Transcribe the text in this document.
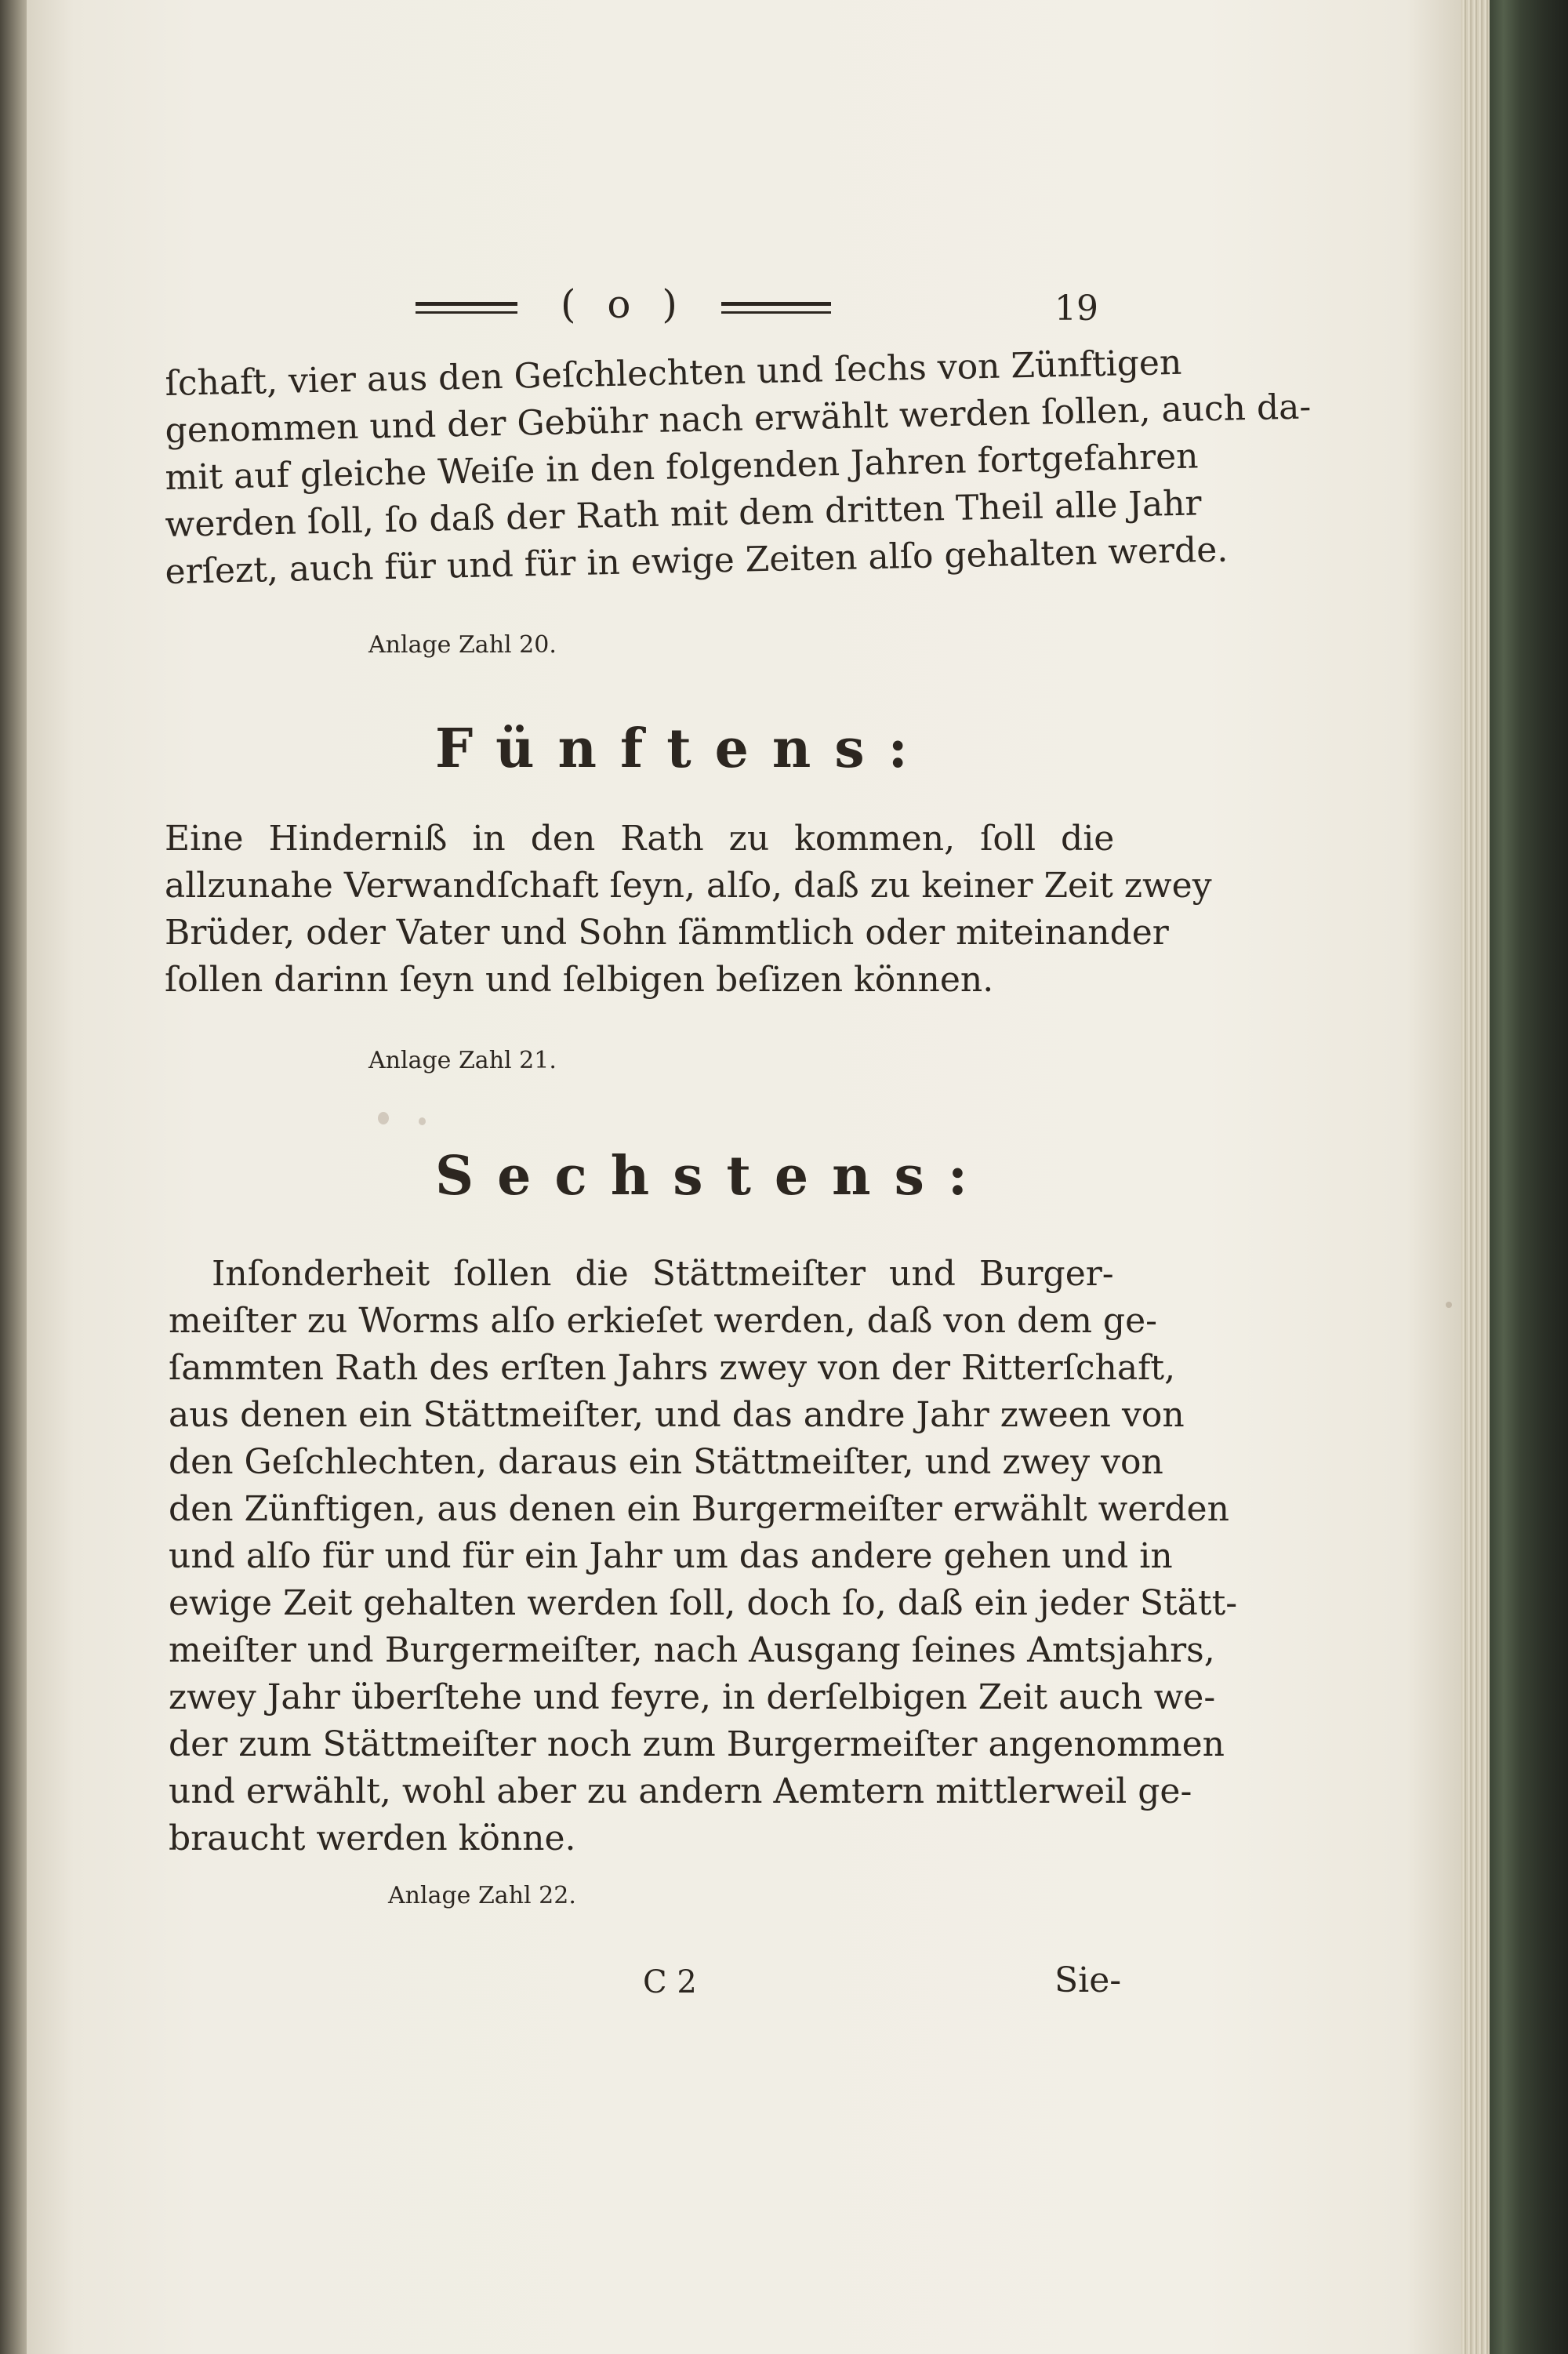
( o )	19
ſchaft, vier aus den Geſchlechten und ſechs von Zünftigen
genommen und der Gebühr nach erwählt werden ſollen, auch da-
mit auf gleiche Weiſe in den folgenden Jahren fortgefahren
werden ſoll, ſo daß der Rath mit dem dritten Theil alle Jahr
erſezt, auch für und für in ewige Zeiten alſo gehalten werde.
Anlage Zahl 20.
Fünftens:
Eine Hinderniß in den Rath zu kommen, ſoll die
allzunahe Verwandſchaft ſeyn, alſo, daß zu keiner Zeit zwey
Brüder, oder Vater und Sohn ſämmtlich oder miteinander
ſollen darinn ſeyn und ſelbigen beſizen können.
Anlage Zahl 21.
Sechstens:
Inſonderheit ſollen die Stättmeiſter und Burger-
meiſter zu Worms alſo erkieſet werden, daß von dem ge-
ſammten Rath des erſten Jahrs zwey von der Ritterſchaft,
aus denen ein Stättmeiſter, und das andre Jahr zween von
den Geſchlechten, daraus ein Stättmeiſter, und zwey von
den Zünftigen, aus denen ein Burgermeiſter erwählt werden
und alſo für und für ein Jahr um das andere gehen und in
ewige Zeit gehalten werden ſoll, doch ſo, daß ein jeder Stätt-
meiſter und Burgermeiſter, nach Ausgang ſeines Amtsjahrs,
zwey Jahr überſtehe und feyre, in derſelbigen Zeit auch we-
der zum Stättmeiſter noch zum Burgermeiſter angenommen
und erwählt, wohl aber zu andern Aemtern mittlerweil ge-
braucht werden könne.
Anlage Zahl 22.
C 2	Sie-
